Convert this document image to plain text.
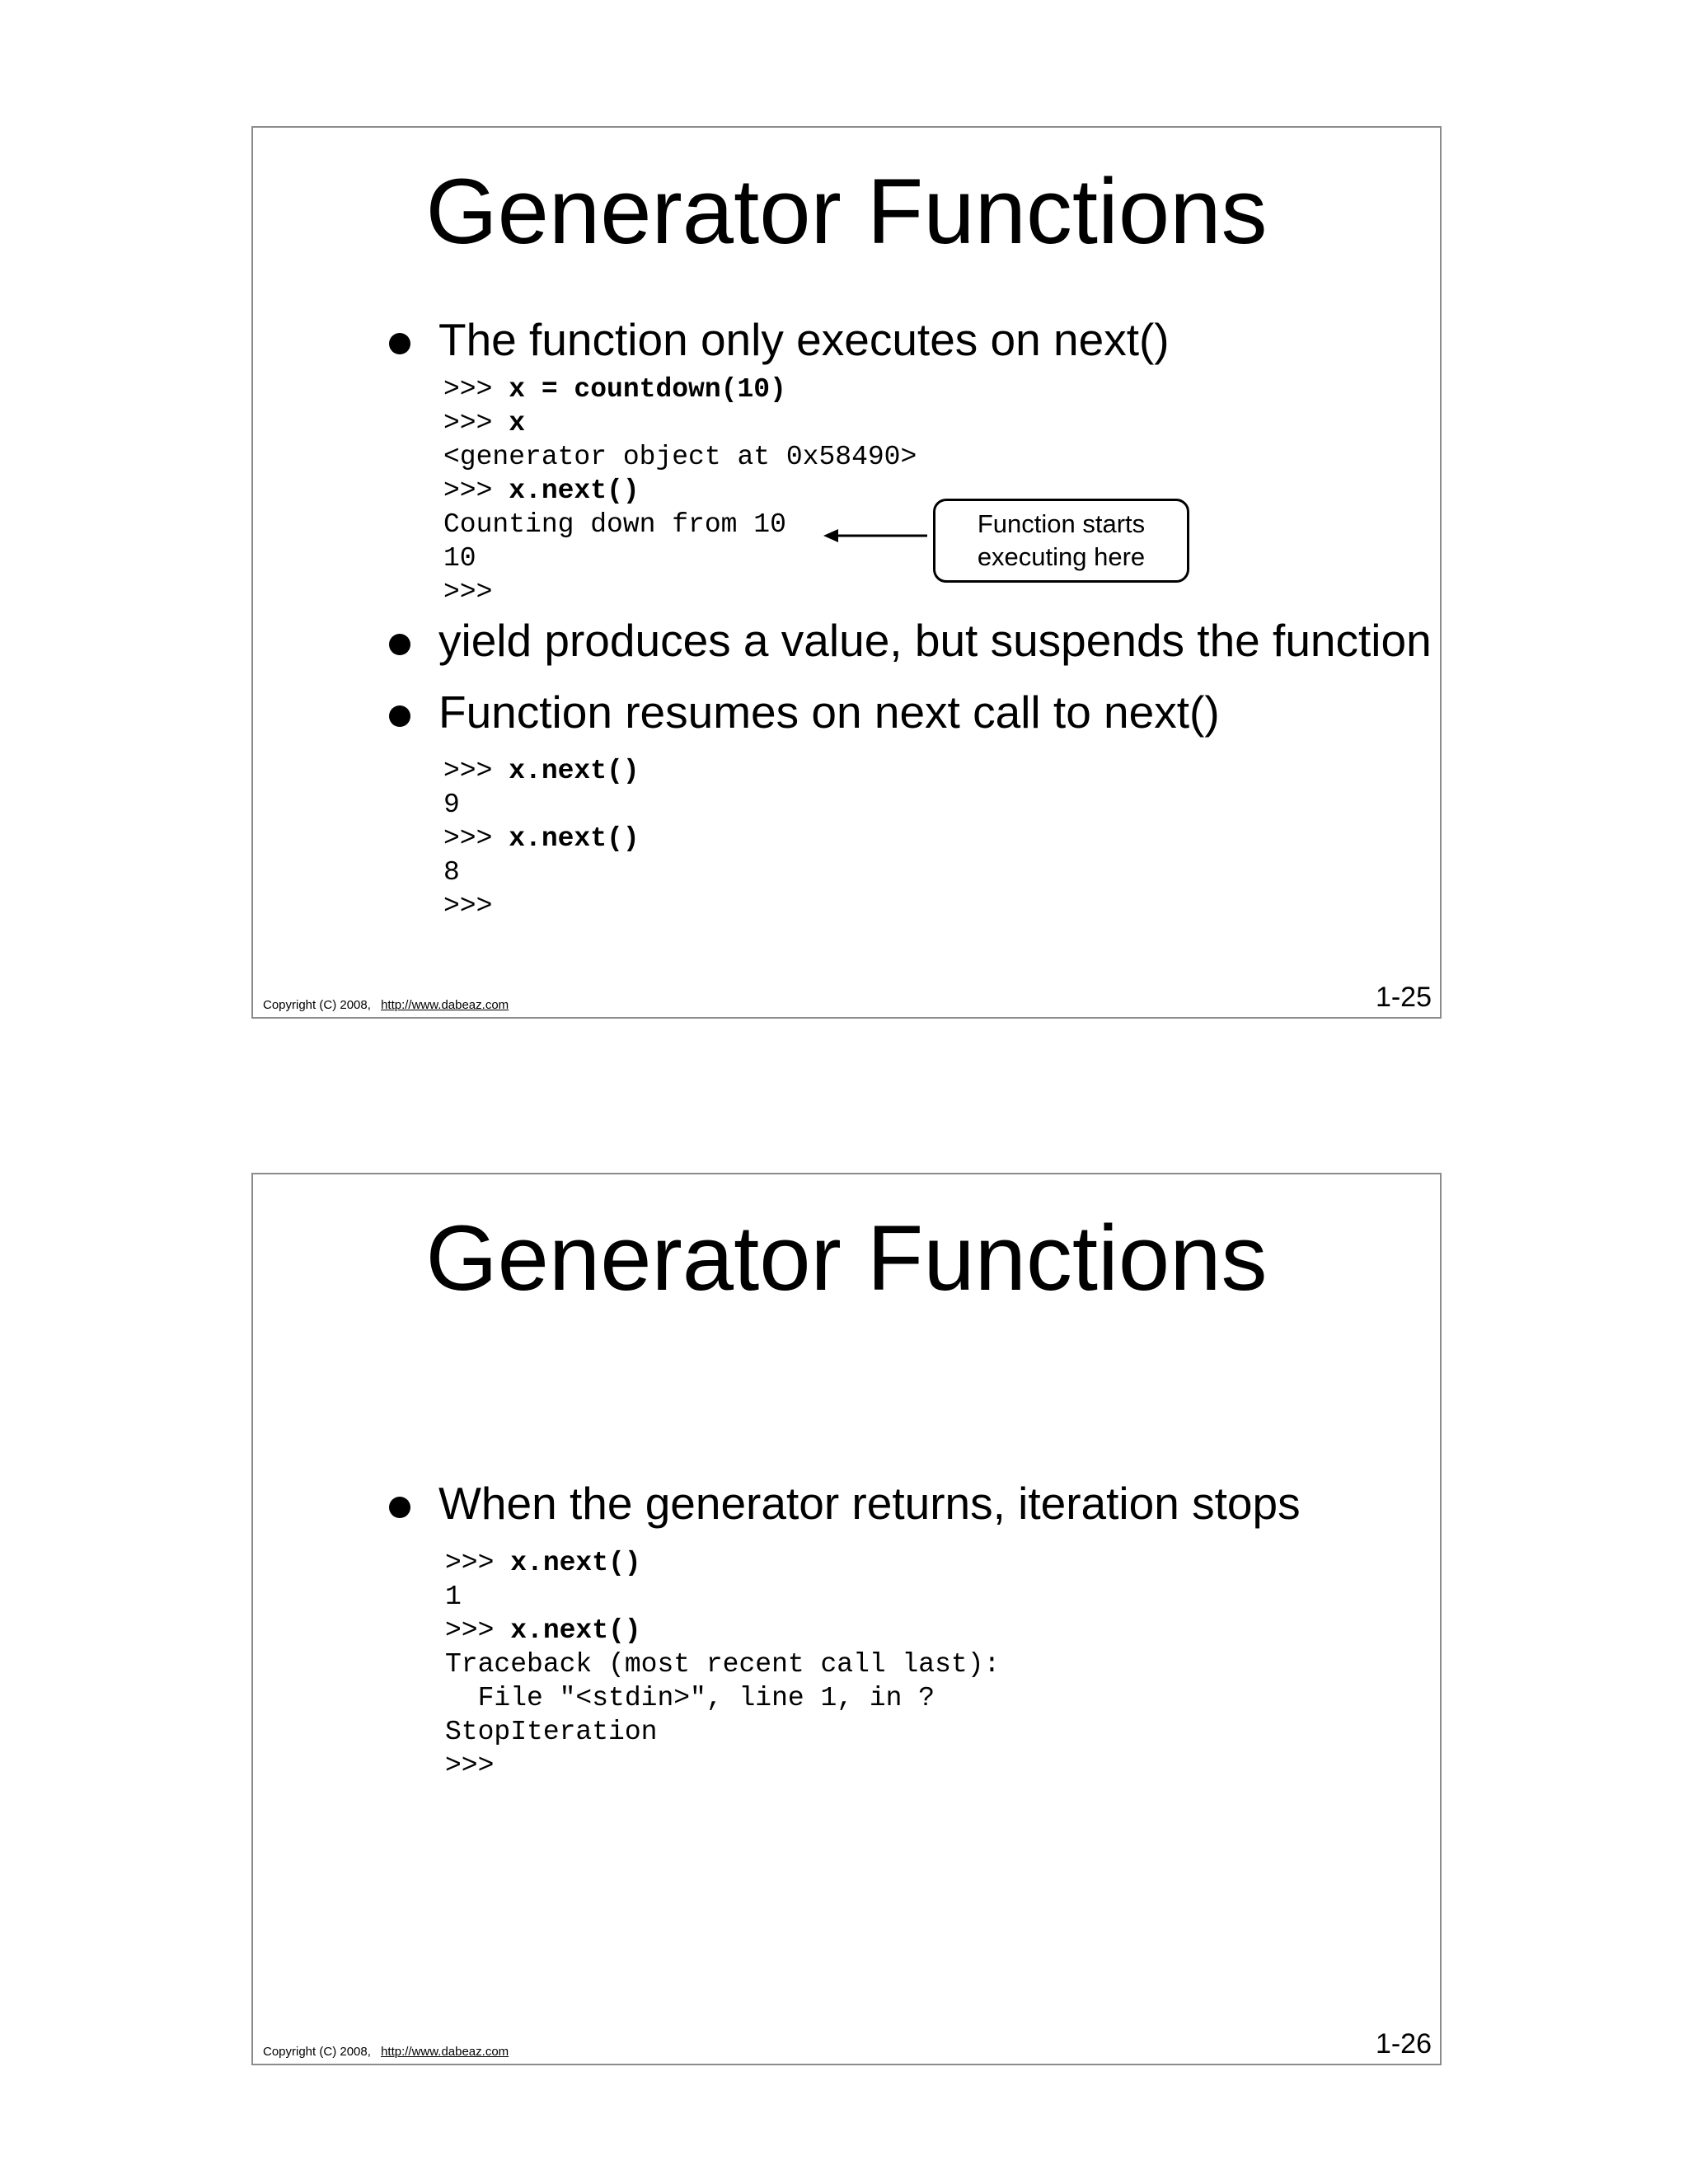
Generator Functions
The function only executes on next()
>>> x = countdown(10)
>>> x
<generator object at 0x58490>
>>> x.next()
Counting down from 10
10
>>>
Function starts
executing here
yield produces a value, but suspends the function
Function resumes on next call to next()
>>> x.next()
9
>>> x.next()
8
>>>
Copyright (C) 2008, http://www.dabeaz.com	1-25
Generator Functions
When the generator returns, iteration stops
>>> x.next()
1
>>> x.next()
Traceback (most recent call last):
File "<stdin>", line 1, in ?
StopIteration
>>>
Copyright (C) 2008, http://www.dabeaz.com	1-26
